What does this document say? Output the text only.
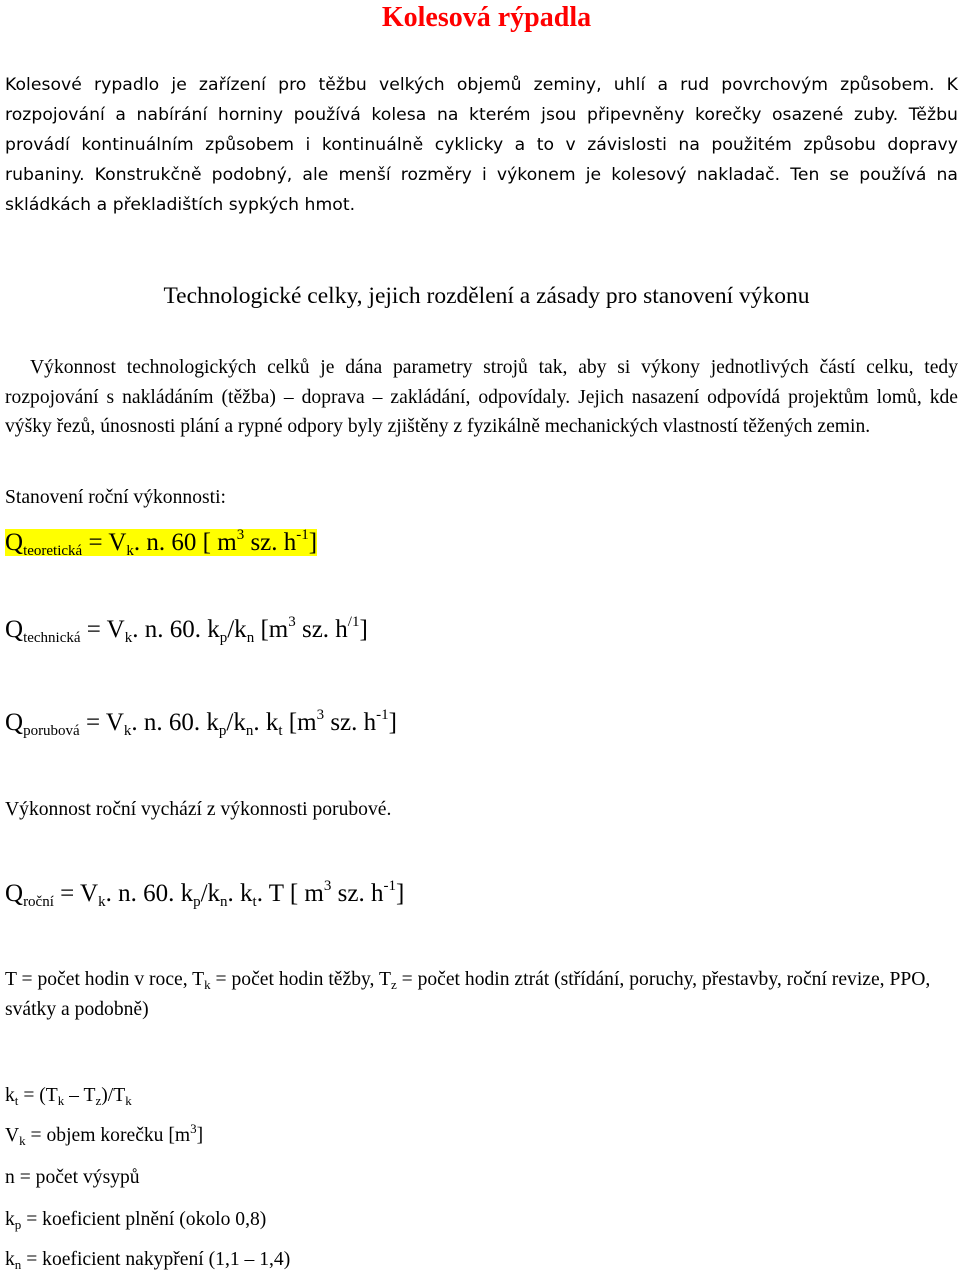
Kolesová rýpadla
Kolesové rypadlo je zařízení pro těžbu velkých objemů zeminy, uhlí a rud povrchovým způsobem. K rozpojování a nabírání horniny používá kolesa na kterém jsou připevněny korečky osazené zuby. Těžbu provádí kontinuálním způsobem i kontinuálně cyklicky a to v závislosti na použitém způsobu dopravy rubaniny. Konstrukčně podobný, ale menší rozměry i výkonem je kolesový nakladač. Ten se používá na skládkách a překladištích sypkých hmot.
Technologické celky, jejich rozdělení a zásady pro stanovení výkonu
Výkonnost technologických celků je dána parametry strojů tak, aby si výkony jednotlivých částí celku, tedy rozpojování s nakládáním (těžba) – doprava – zakládání, odpovídaly. Jejich nasazení odpovídá projektům lomů, kde výšky řezů, únosnosti plání a rypné odpory byly zjištěny z fyzikálně mechanických vlastností těžených zemin.
Stanovení roční výkonnosti:
$Q_{teoretická} = V_k$. n. 60 [ $m^3$ sz. $h^{-1}$]
$Q_{technická} = V_k$. n. 60. $k_p/k_n$ [$m^3$ sz. $h^{/1}$]
$Q_{porubová} = V_k$. n. 60. $k_p/k_n$. $k_t$ [$m^3$ sz. $h^{-1}$]
Výkonnost roční vychází z výkonnosti porubové.
$Q_{roční} = V_k$. n. 60. $k_p/k_n$. $k_t$. T [ $m^3$ sz. $h^{-1}$]
T = počet hodin v roce, $T_k$ = počet hodin těžby, $T_z$ = počet hodin ztrát (střídání, poruchy, přestavby, roční revize, PPO, svátky a podobně)
$k_t = (T_k - T_z)/T_k$
$V_k$ = objem korečku $[m^3]$
n = počet výsypů
$k_p$ = koeficient plnění (okolo 0,8)
$k_n$ = koeficient nakypření (1,1 – 1,4)
